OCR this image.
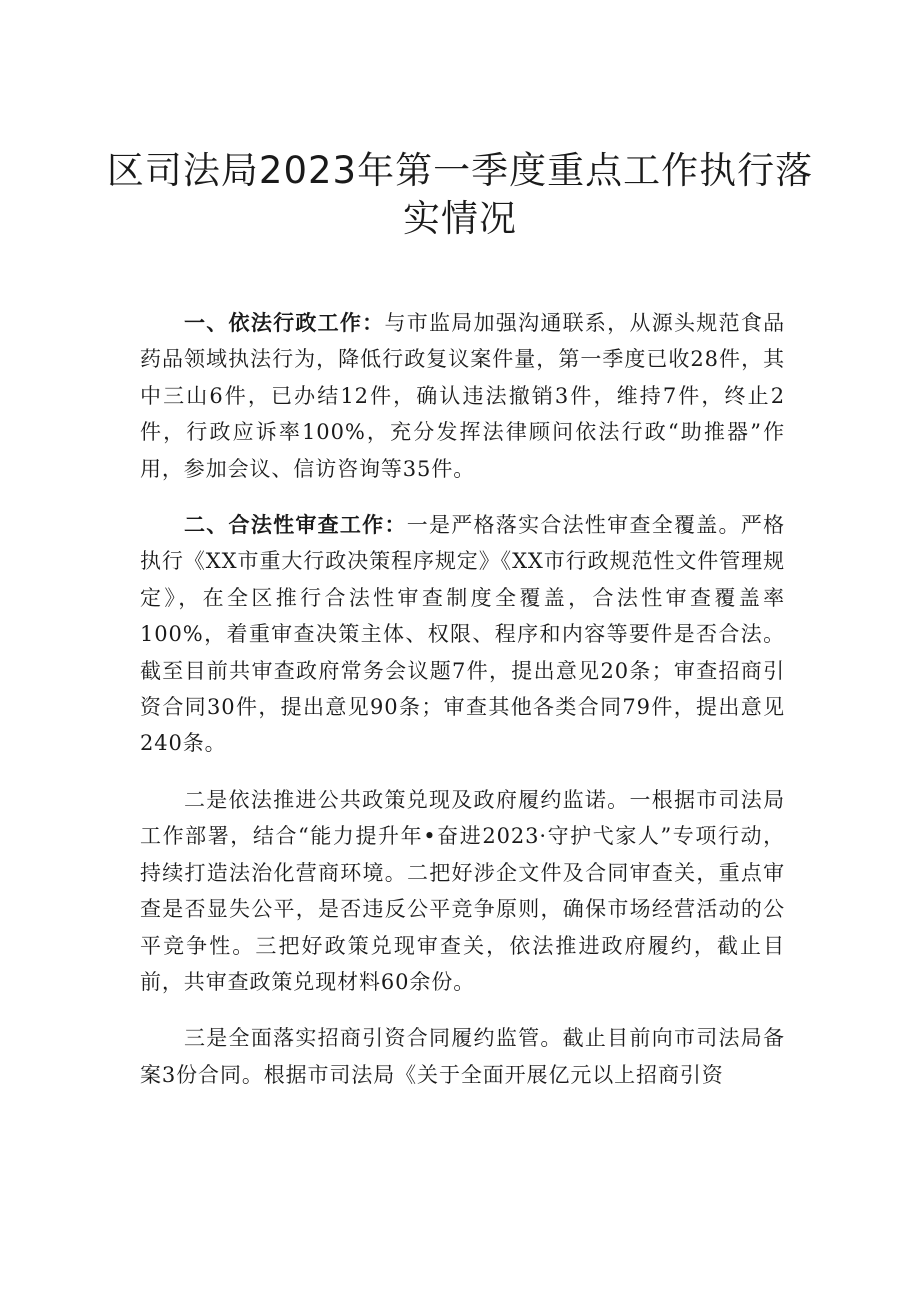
区司法局2023年第一季度重点工作执行落
实情况

一、依法行政工作：与市监局加强沟通联系，从源头规范食品药品领域执法行为，降低行政复议案件量，第一季度已收28件，其中三山6件，已办结12件，确认违法撤销3件，维持7件，终止2件，行政应诉率100%，充分发挥法律顾问依法行政“助推器”作用，参加会议、信访咨询等35件。

二、合法性审查工作：一是严格落实合法性审查全覆盖。严格执行《XX市重大行政决策程序规定》《XX市行政规范性文件管理规定》，在全区推行合法性审查制度全覆盖，合法性审查覆盖率100%，着重审查决策主体、权限、程序和内容等要件是否合法。截至目前共审查政府常务会议题7件，提出意见20条；审查招商引资合同30件，提出意见90条；审查其他各类合同79件，提出意见240条。

二是依法推进公共政策兑现及政府履约监诺。一根据市司法局工作部署，结合“能力提升年•奋进2023·守护弋家人”专项行动，持续打造法治化营商环境。二把好涉企文件及合同审查关，重点审查是否显失公平，是否违反公平竞争原则，确保市场经营活动的公平竞争性。三把好政策兑现审查关，依法推进政府履约，截止目前，共审查政策兑现材料60余份。

三是全面落实招商引资合同履约监管。截止目前向市司法局备案3份合同。根据市司法局《关于全面开展亿元以上招商引资
